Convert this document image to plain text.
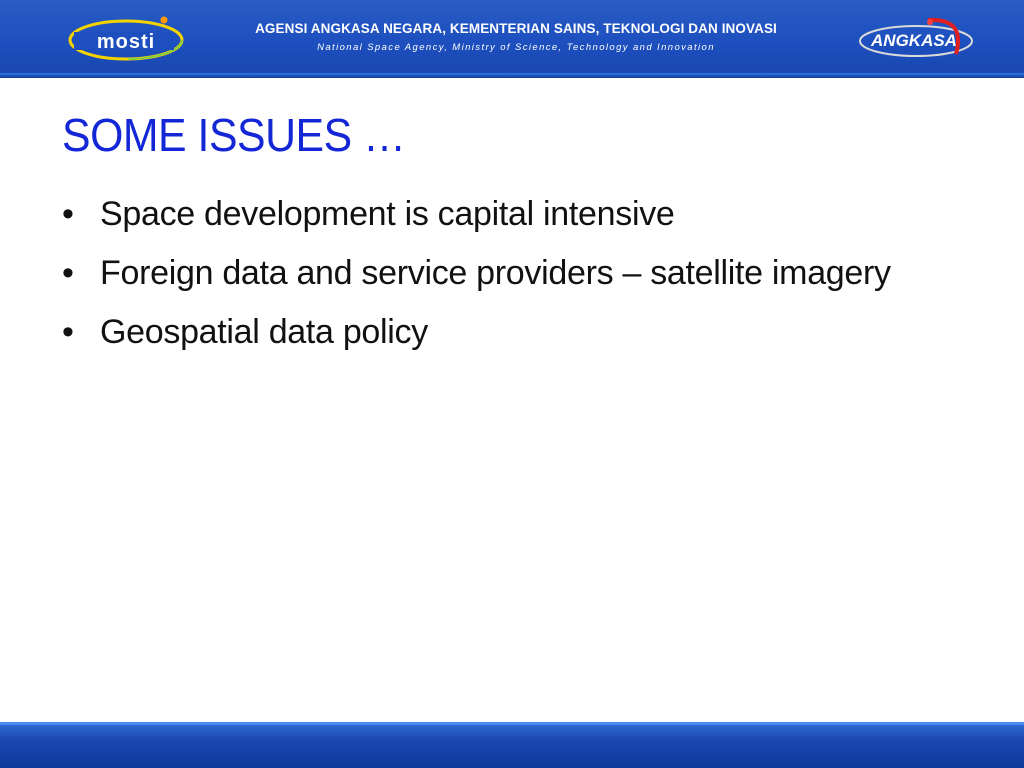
mosti
AGENSI ANGKASA NEGARA, KEMENTERIAN SAINS, TEKNOLOGI DAN INOVASI
National Space Agency, Ministry of Science, Technology and Innovation	ANGKASA
SOME ISSUES …
• Space development is capital intensive
• Foreign data and service providers – satellite imagery
• Geospatial data policy
